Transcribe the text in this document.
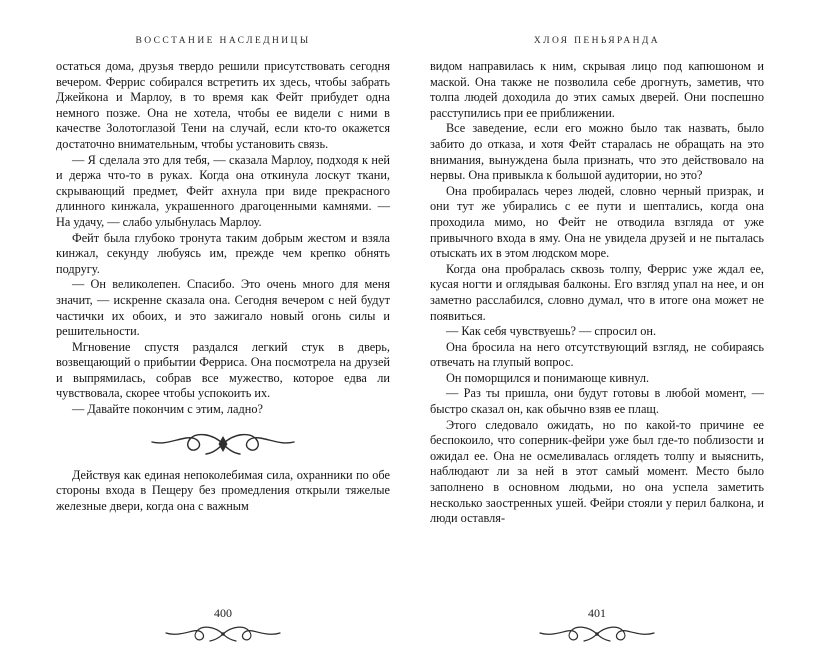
ВОССТАНИЕ НАСЛЕДНИЦЫ

остаться дома, друзья твердо решили присутствовать сегодня вечером. Феррис собирался встретить их здесь, чтобы забрать Джейкона и Марлоу, в то время как Фейт прибудет одна немного позже. Она не хотела, чтобы ее видели с ними в качестве Золотоглазой Тени на случай, если кто-то окажется достаточно внимательным, чтобы установить связь.

— Я сделала это для тебя, — сказала Марлоу, подходя к ней и держа что-то в руках. Когда она откинула лоскут ткани, скрывающий предмет, Фейт ахнула при виде прекрасного длинного кинжала, украшенного драгоценными камнями. — На удачу, — слабо улыбнулась Марлоу.

Фейт была глубоко тронута таким добрым жестом и взяла кинжал, секунду любуясь им, прежде чем крепко обнять подругу.

— Он великолепен. Спасибо. Это очень много для меня значит, — искренне сказала она. Сегодня вечером с ней будут частички их обоих, и это зажигало новый огонь силы и решительности.

Мгновение спустя раздался легкий стук в дверь, возвещающий о прибытии Ферриса. Она посмотрела на друзей и выпрямилась, собрав все мужество, которое едва ли чувствовала, скорее чтобы успокоить их.

— Давайте покончим с этим, ладно?

Действуя как единая непоколебимая сила, охранники по обе стороны входа в Пещеру без промедления открыли тяжелые железные двери, когда она с важным

400
ХЛОЯ ПЕНЬЯРАНДА

видом направилась к ним, скрывая лицо под капюшоном и маской. Она также не позволила себе дрогнуть, заметив, что толпа людей доходила до этих самых дверей. Они поспешно расступились при ее приближении.

Все заведение, если его можно было так назвать, было забито до отказа, и хотя Фейт старалась не обращать на это внимания, вынуждена была признать, что это действовало на нервы. Она привыкла к большой аудитории, но это?

Она пробиралась через людей, словно черный призрак, и они тут же убирались с ее пути и шептались, когда она проходила мимо, но Фейт не отводила взгляда от уже привычного входа в яму. Она не увидела друзей и не пыталась отыскать их в этом людском море.

Когда она пробралась сквозь толпу, Феррис уже ждал ее, кусая ногти и оглядывая балконы. Его взгляд упал на нее, и он заметно расслабился, словно думал, что в итоге она может не появиться.

— Как себя чувствуешь? — спросил он.

Она бросила на него отсутствующий взгляд, не собираясь отвечать на глупый вопрос.

Он поморщился и понимающе кивнул.

— Раз ты пришла, они будут готовы в любой момент, — быстро сказал он, как обычно взяв ее плащ.

Этого следовало ожидать, но по какой-то причине ее беспокоило, что соперник-фейри уже был где-то поблизости и ожидал ее. Она не осмеливалась оглядеть толпу и выяснить, наблюдают ли за ней в этот самый момент. Место было заполнено в основном людьми, но она успела заметить несколько заостренных ушей. Фейри стояли у перил балкона, и люди оставля-

401
